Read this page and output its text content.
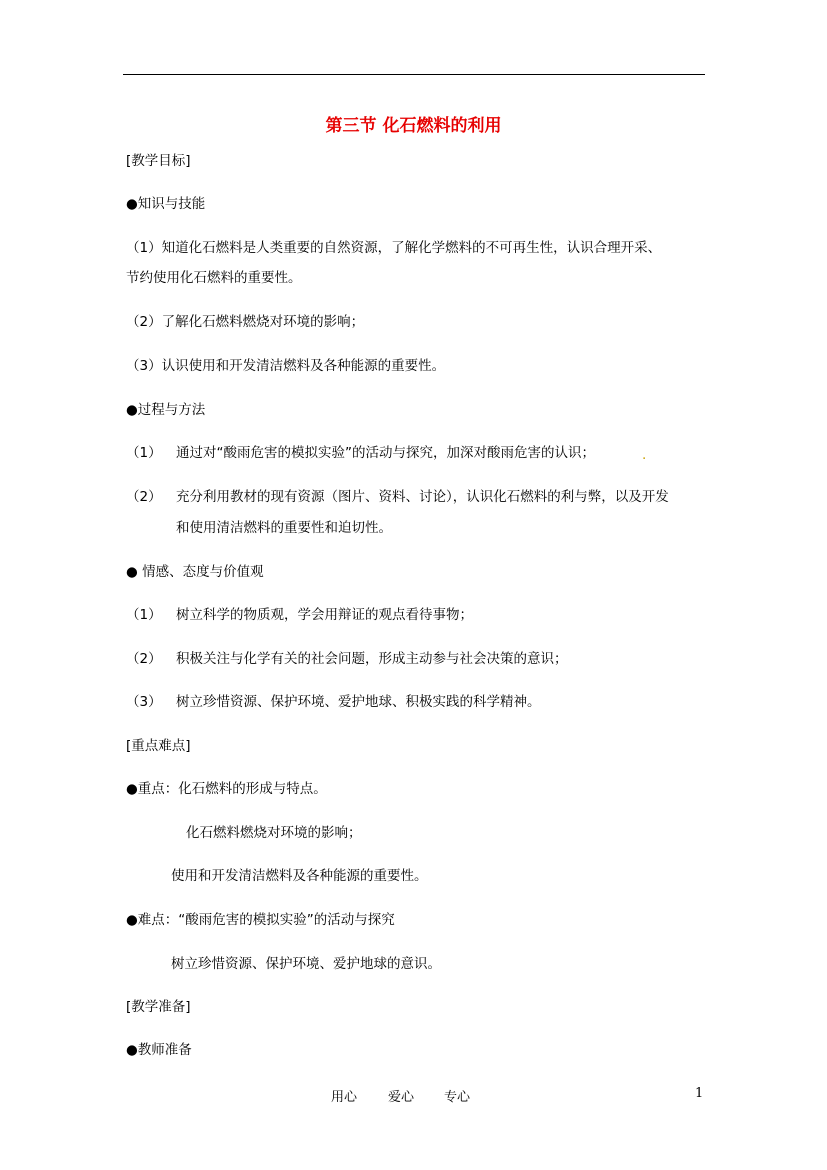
第三节 化石燃料的利用
[教学目标]
●知识与技能
（1）知道化石燃料是人类重要的自然资源，了解化学燃料的不可再生性，认识合理开采、
节约使用化石燃料的重要性。
（2）了解化石燃料燃烧对环境的影响；
（3）认识使用和开发清洁燃料及各种能源的重要性。
●过程与方法
（1） 通过对“酸雨危害的模拟实验”的活动与探究，加深对酸雨危害的认识；	.
（2） 充分利用教材的现有资源（图片、资料、讨论），认识化石燃料的利与弊，以及开发
和使用清洁燃料的重要性和迫切性。
● 情感、态度与价值观
（1） 树立科学的物质观，学会用辩证的观点看待事物；
（2） 积极关注与化学有关的社会问题，形成主动参与社会决策的意识；
（3） 树立珍惜资源、保护环境、爱护地球、积极实践的科学精神。
[重点难点]
●重点：化石燃料的形成与特点。
化石燃料燃烧对环境的影响；
使用和开发清洁燃料及各种能源的重要性。
●难点：“酸雨危害的模拟实验”的活动与探究
树立珍惜资源、保护环境、爱护地球的意识。
[教学准备]
●教师准备
用心 爱心 专心	1
